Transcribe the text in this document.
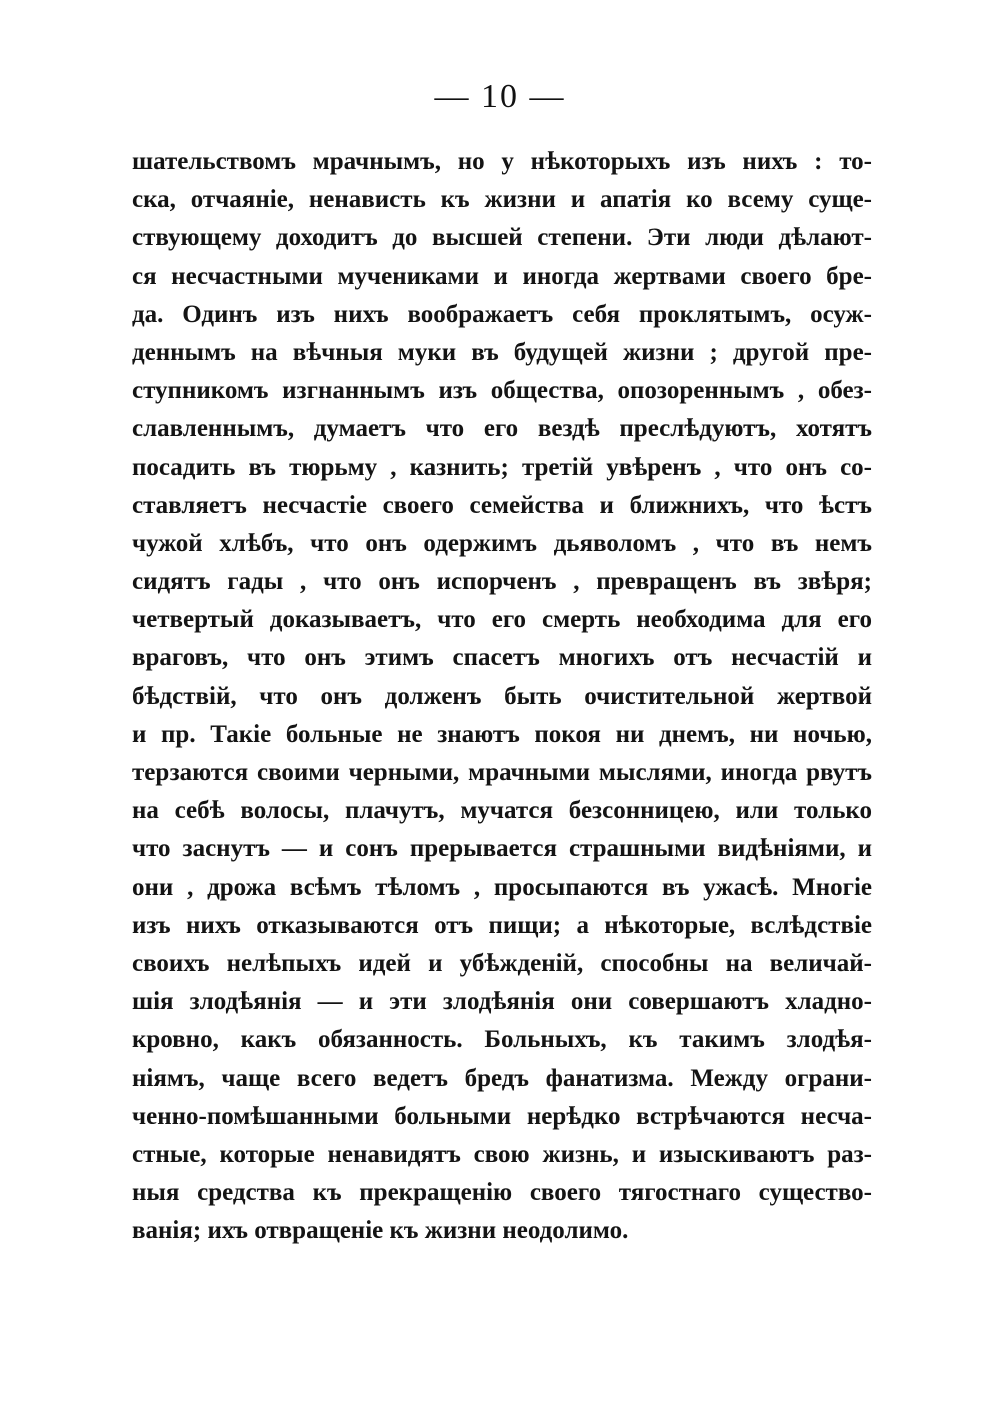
— 10 —
шательствомъ мрачнымъ, но у нѣкоторыхъ изъ нихъ : то-
ска, отчаяніе, ненависть къ жизни и апатія ко всему суще-
ствующему доходитъ до высшей степени. Эти люди дѣлают-
ся несчастными мучениками и иногда жертвами своего бре-
да. Одинъ изъ нихъ воображаетъ себя проклятымъ, осуж-
деннымъ на вѣчныя муки въ будущей жизни ; другой пре-
ступникомъ изгнаннымъ изъ общества, опозореннымъ , обез-
славленнымъ, думаетъ что его вездѣ преслѣдуютъ, хотятъ
посадить въ тюрьму , казнить; третій увѣренъ , что онъ со-
ставляетъ несчастіе своего семейства и ближнихъ, что ѣстъ
чужой хлѣбъ, что онъ одержимъ дьяволомъ , что въ немъ
сидятъ гады , что онъ испорченъ , превращенъ въ звѣря;
четвертый доказываетъ, что его смерть необходима для его
враговъ, что онъ этимъ спасетъ многихъ отъ несчастій и
бѣдствій, что онъ долженъ быть очистительной жертвой
и пр. Такіе больные не знаютъ покоя ни днемъ, ни ночью,
терзаются своими черными, мрачными мыслями, иногда рвутъ
на себѣ волосы, плачутъ, мучатся безсонницею, или только
что заснутъ — и сонъ прерывается страшными видѣніями, и
они , дрожа всѣмъ тѣломъ , просыпаются въ ужасѣ. Многіе
изъ нихъ отказываются отъ пищи; а нѣкоторые, вслѣдствіе
своихъ нелѣпыхъ идей и убѣжденій, способны на величай-
шія злодѣянія — и эти злодѣянія они совершаютъ хладно-
кровно, какъ обязанность. Больныхъ, къ такимъ злодѣя-
ніямъ, чаще всего ведетъ бредъ фанатизма. Между ограни-
ченно-помѣшанными больными нерѣдко встрѣчаются несча-
стные, которые ненавидятъ свою жизнь, и изыскиваютъ раз-
ныя средства къ прекращенію своего тягостнаго существо-
ванія; ихъ отвращеніе къ жизни неодолимо.
